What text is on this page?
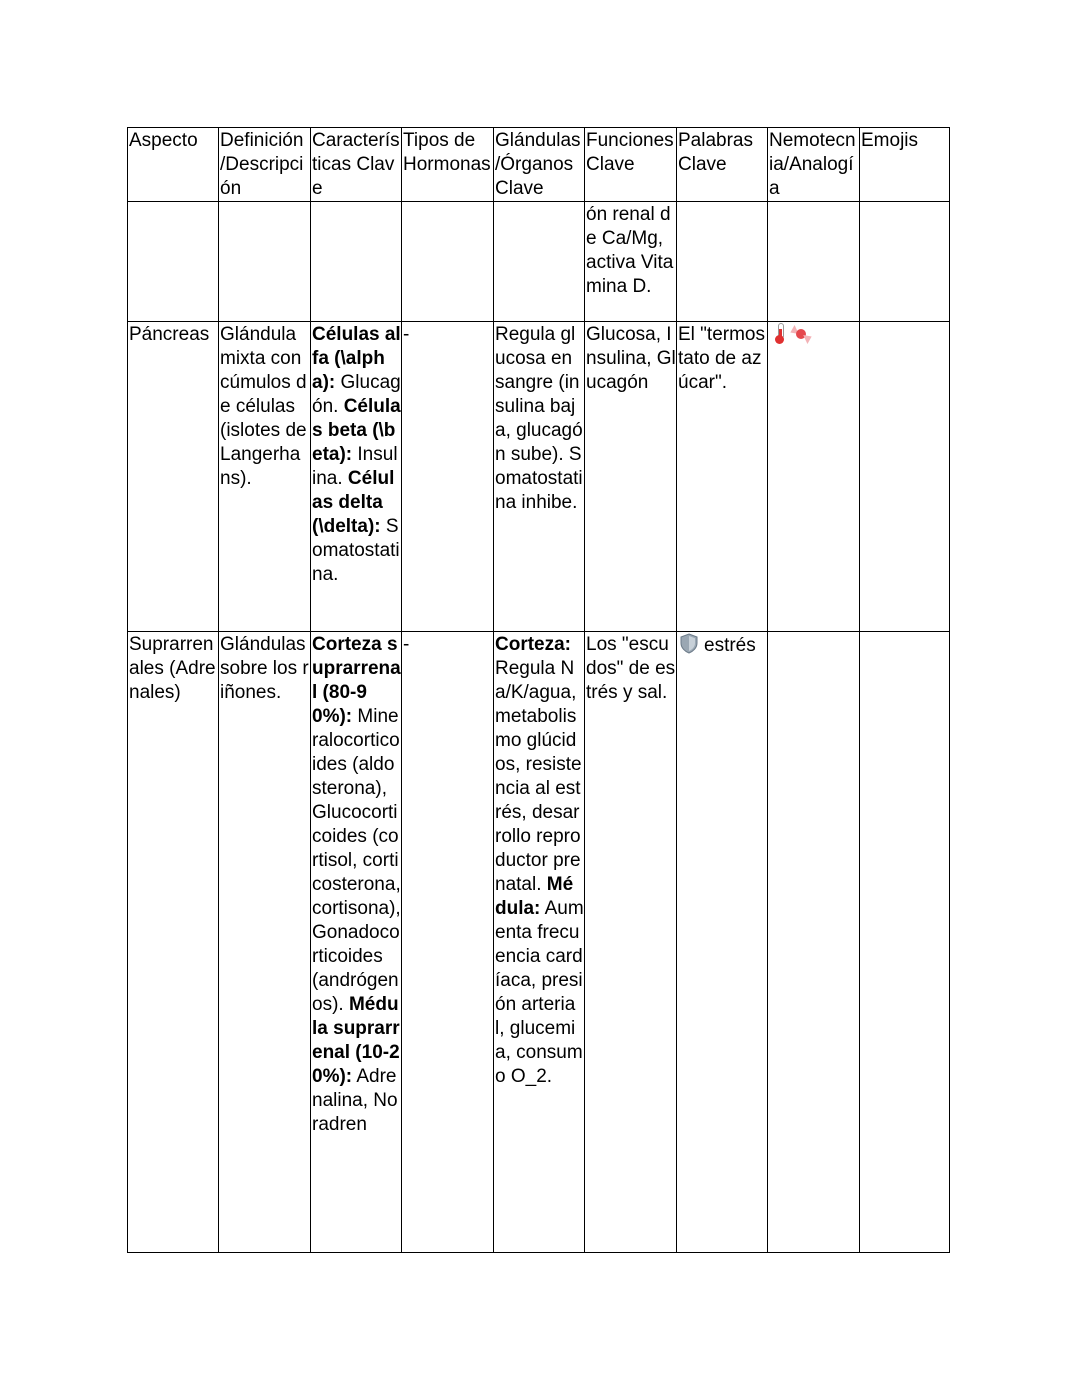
Aspecto	Definición /Descripción	Características Clave	Tipos de Hormonas	Glándulas /Órganos Clave	Funciones Clave	Palabras Clave	Nemotecnia/Analogía	Emojis
					ón renal de Ca/Mg, activa Vitamina D.			
Páncreas	Glándula mixta con cúmulos de células (islotes de Langerhans).	Células alfa (\alpha): Glucagón. Células beta (\beta): Insulina. Células delta (\delta): Somatostatina.	-	Regula glucosa en sangre (insulina baja, glucagón sube). Somatostatina inhibe.	Glucosa, Insulina, Glucagón	El "termostato de azúcar".	

Suprarrenales (Adrenales)	Glándulas sobre los riñones.	Corteza suprarrenal (80-90%): Mineralocorticoides (aldosterona), Glucocorticoides (cortisol, corticosterona, cortisona), Gonadocorticoides (andrógenos). Médula suprarrenal (10-20%): Adrenalina, Noradren	-	Corteza: Regula Na/K/agua, metabolismo glúcidos, resistencia al estrés, desarrollo reproductor prenatal. Médula: Aumenta frecuencia cardíaca, presión arterial, glucemia, consumo O_2.	Los "escudos" de estrés y sal.	estrés		
